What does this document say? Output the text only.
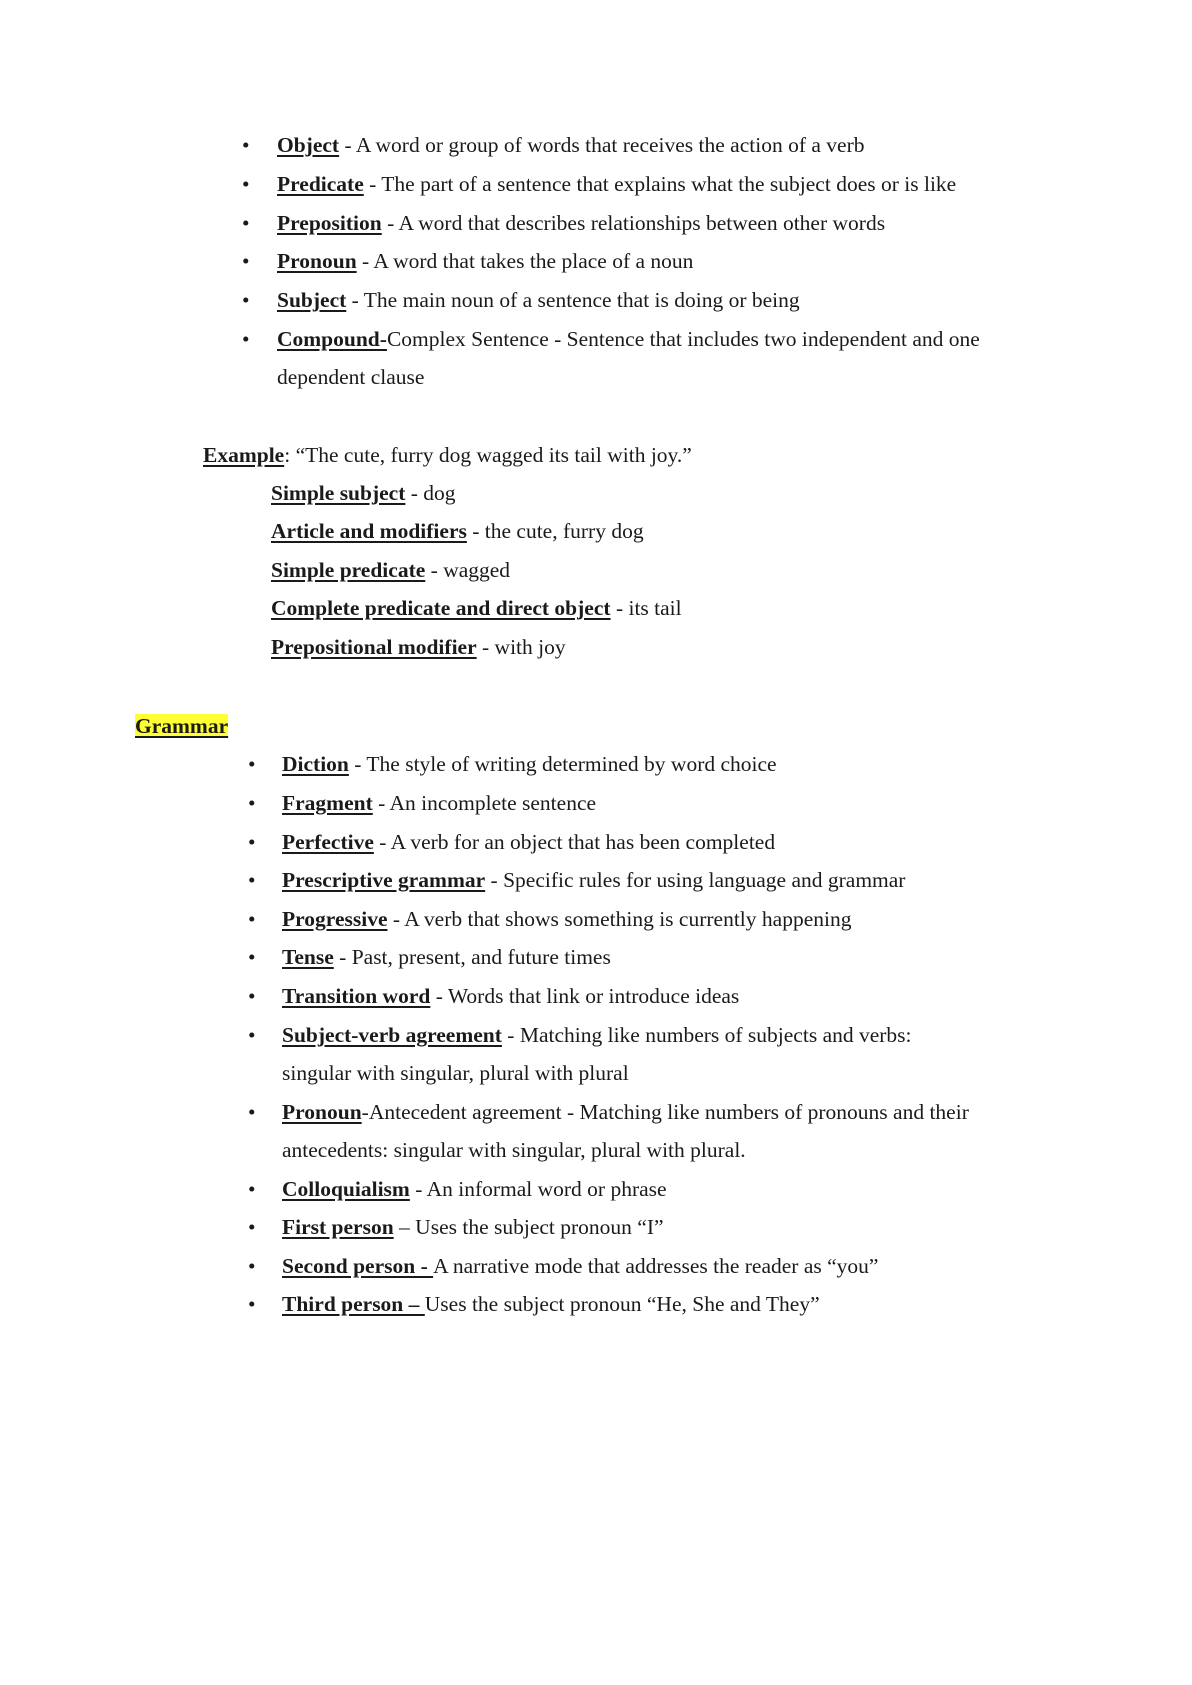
• Object - A word or group of words that receives the action of a verb
• Predicate - The part of a sentence that explains what the subject does or is like
• Preposition - A word that describes relationships between other words
• Pronoun - A word that takes the place of a noun
• Subject - The main noun of a sentence that is doing or being
• Compound-Complex Sentence - Sentence that includes two independent and one
dependent clause
Example: “The cute, furry dog wagged its tail with joy.”
Simple subject - dog
Article and modifiers - the cute, furry dog
Simple predicate - wagged
Complete predicate and direct object - its tail
Prepositional modifier - with joy
Grammar
• Diction - The style of writing determined by word choice
• Fragment - An incomplete sentence
• Perfective - A verb for an object that has been completed
• Prescriptive grammar - Specific rules for using language and grammar
• Progressive - A verb that shows something is currently happening
• Tense - Past, present, and future times
• Transition word - Words that link or introduce ideas
• Subject-verb agreement - Matching like numbers of subjects and verbs:
singular with singular, plural with plural
• Pronoun-Antecedent agreement - Matching like numbers of pronouns and their
antecedents: singular with singular, plural with plural.
• Colloquialism - An informal word or phrase
• First person – Uses the subject pronoun “I”
• Second person - A narrative mode that addresses the reader as “you”
• Third person – Uses the subject pronoun “He, She and They”
